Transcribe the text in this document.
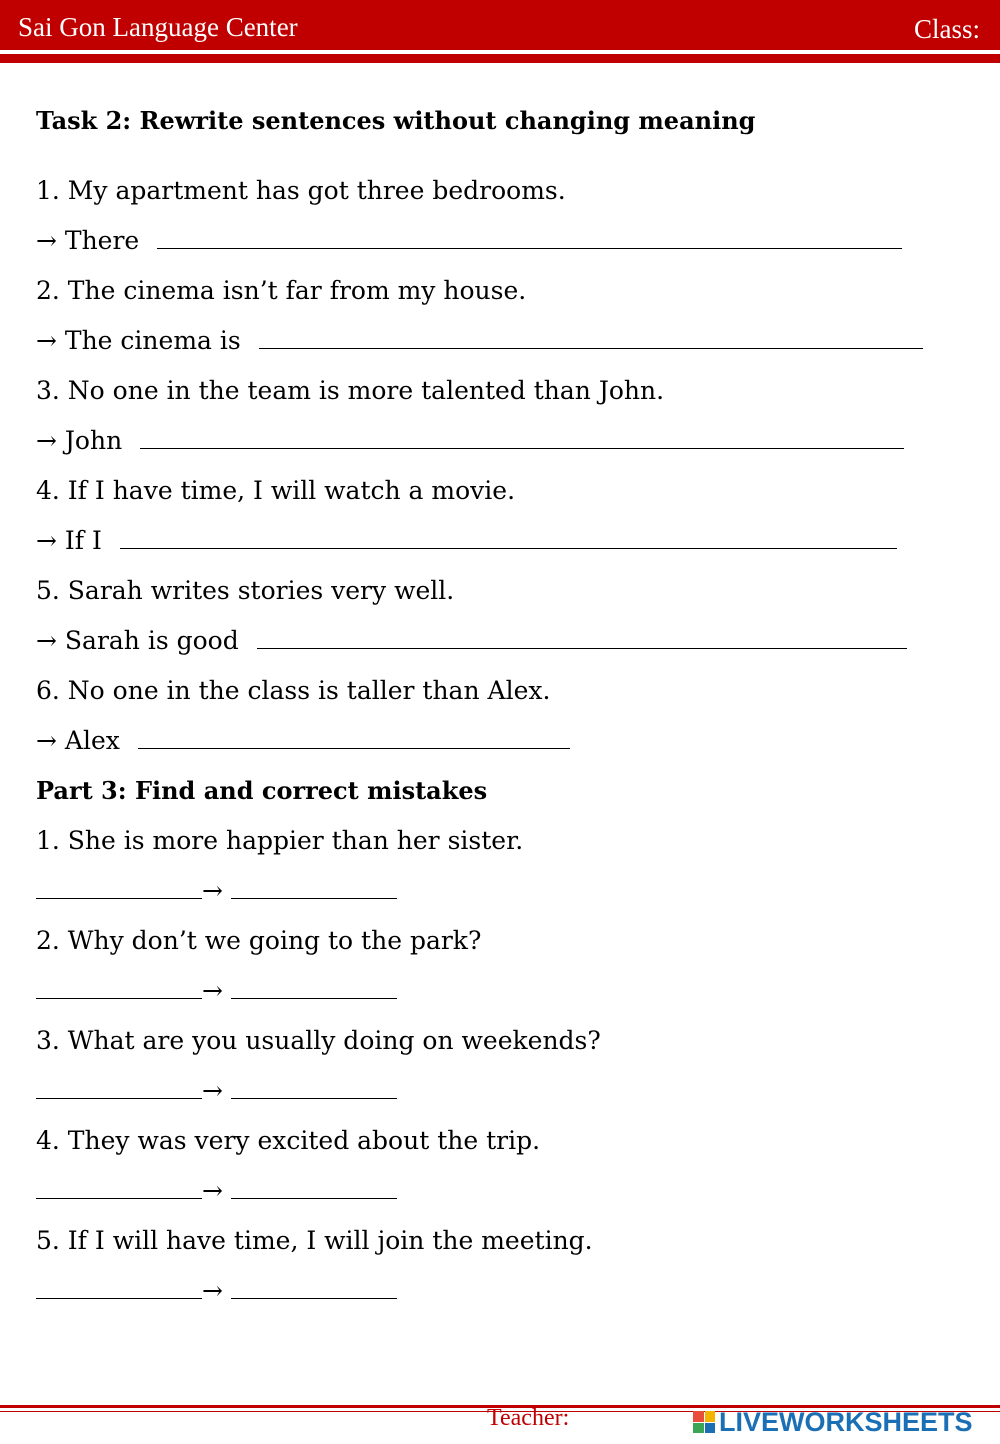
Sai Gon Language Center	Class:
Task 2: Rewrite sentences without changing meaning
1. My apartment has got three bedrooms.
→ There
2. The cinema isn’t far from my house.
→ The cinema is
3. No one in the team is more talented than John.
→ John
4. If I have time, I will watch a movie.
→ If I
5. Sarah writes stories very well.
→ Sarah is good
6. No one in the class is taller than Alex.
→ Alex
Part 3: Find and correct mistakes
1. She is more happier than her sister.
→
2. Why don’t we going to the park?
→
3. What are you usually doing on weekends?
→
4. They was very excited about the trip.
→
5. If I will have time, I will join the meeting.
→
Teacher:	LIVEWORKSHEETS
